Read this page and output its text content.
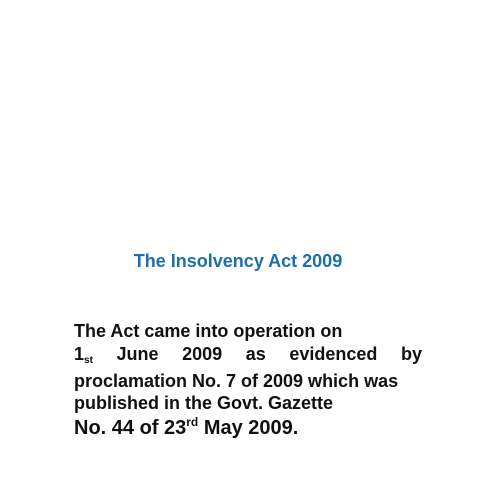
The Insolvency Act 2009
The Act came into operation on
1st June 2009 as evidenced by
proclamation No. 7 of 2009 which was
published in the Govt. Gazette
No. 44 of 23rd May 2009.
